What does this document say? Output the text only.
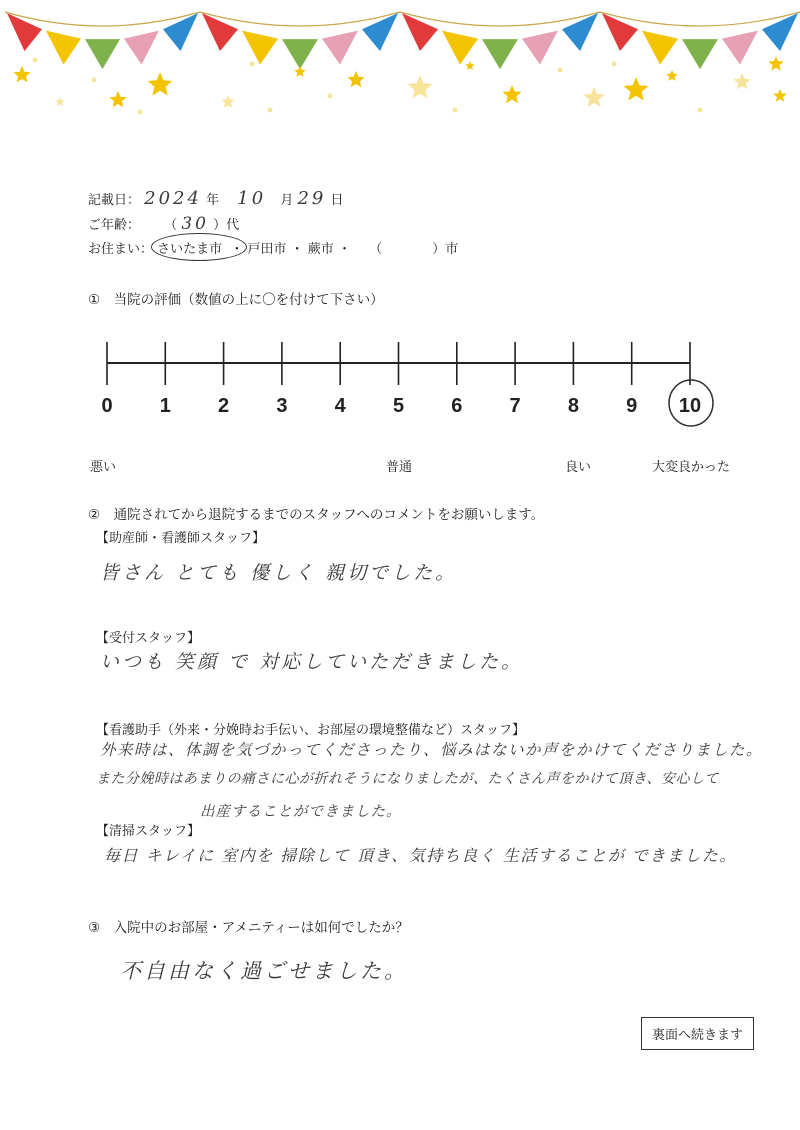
記載日： 2024 年 10 月 29 日
ご年齢： （ 30 ）代
お住まい： さいたま市 ・ 戸田市 ・ 蕨市 ・ （	）市
①　当院の評価（数値の上に〇を付けて下さい）
0 1 2 3 4 5 6 7 8 9 10
悪い	普通	良い	大変良かった
②　通院されてから退院するまでのスタッフへのコメントをお願いします。
【助産師・看護師スタッフ】
皆さん とても 優しく 親切でした。
【受付スタッフ】
いつも 笑顔 で 対応していただきました。
【看護助手（外来・分娩時お手伝い、お部屋の環境整備など）スタッフ】
外来時は、体調を気づかってくださったり、悩みはないか声をかけてくださりました。
また分娩時はあまりの痛さに心が折れそうになりましたが、たくさん声をかけて頂き、安心して
出産することができました。
【清掃スタッフ】
毎日 キレイに 室内を 掃除して 頂き、気持ち良く 生活することが できました。
③　入院中のお部屋・アメニティーは如何でしたか？
不自由なく過ごせました。
裏面へ続きます
